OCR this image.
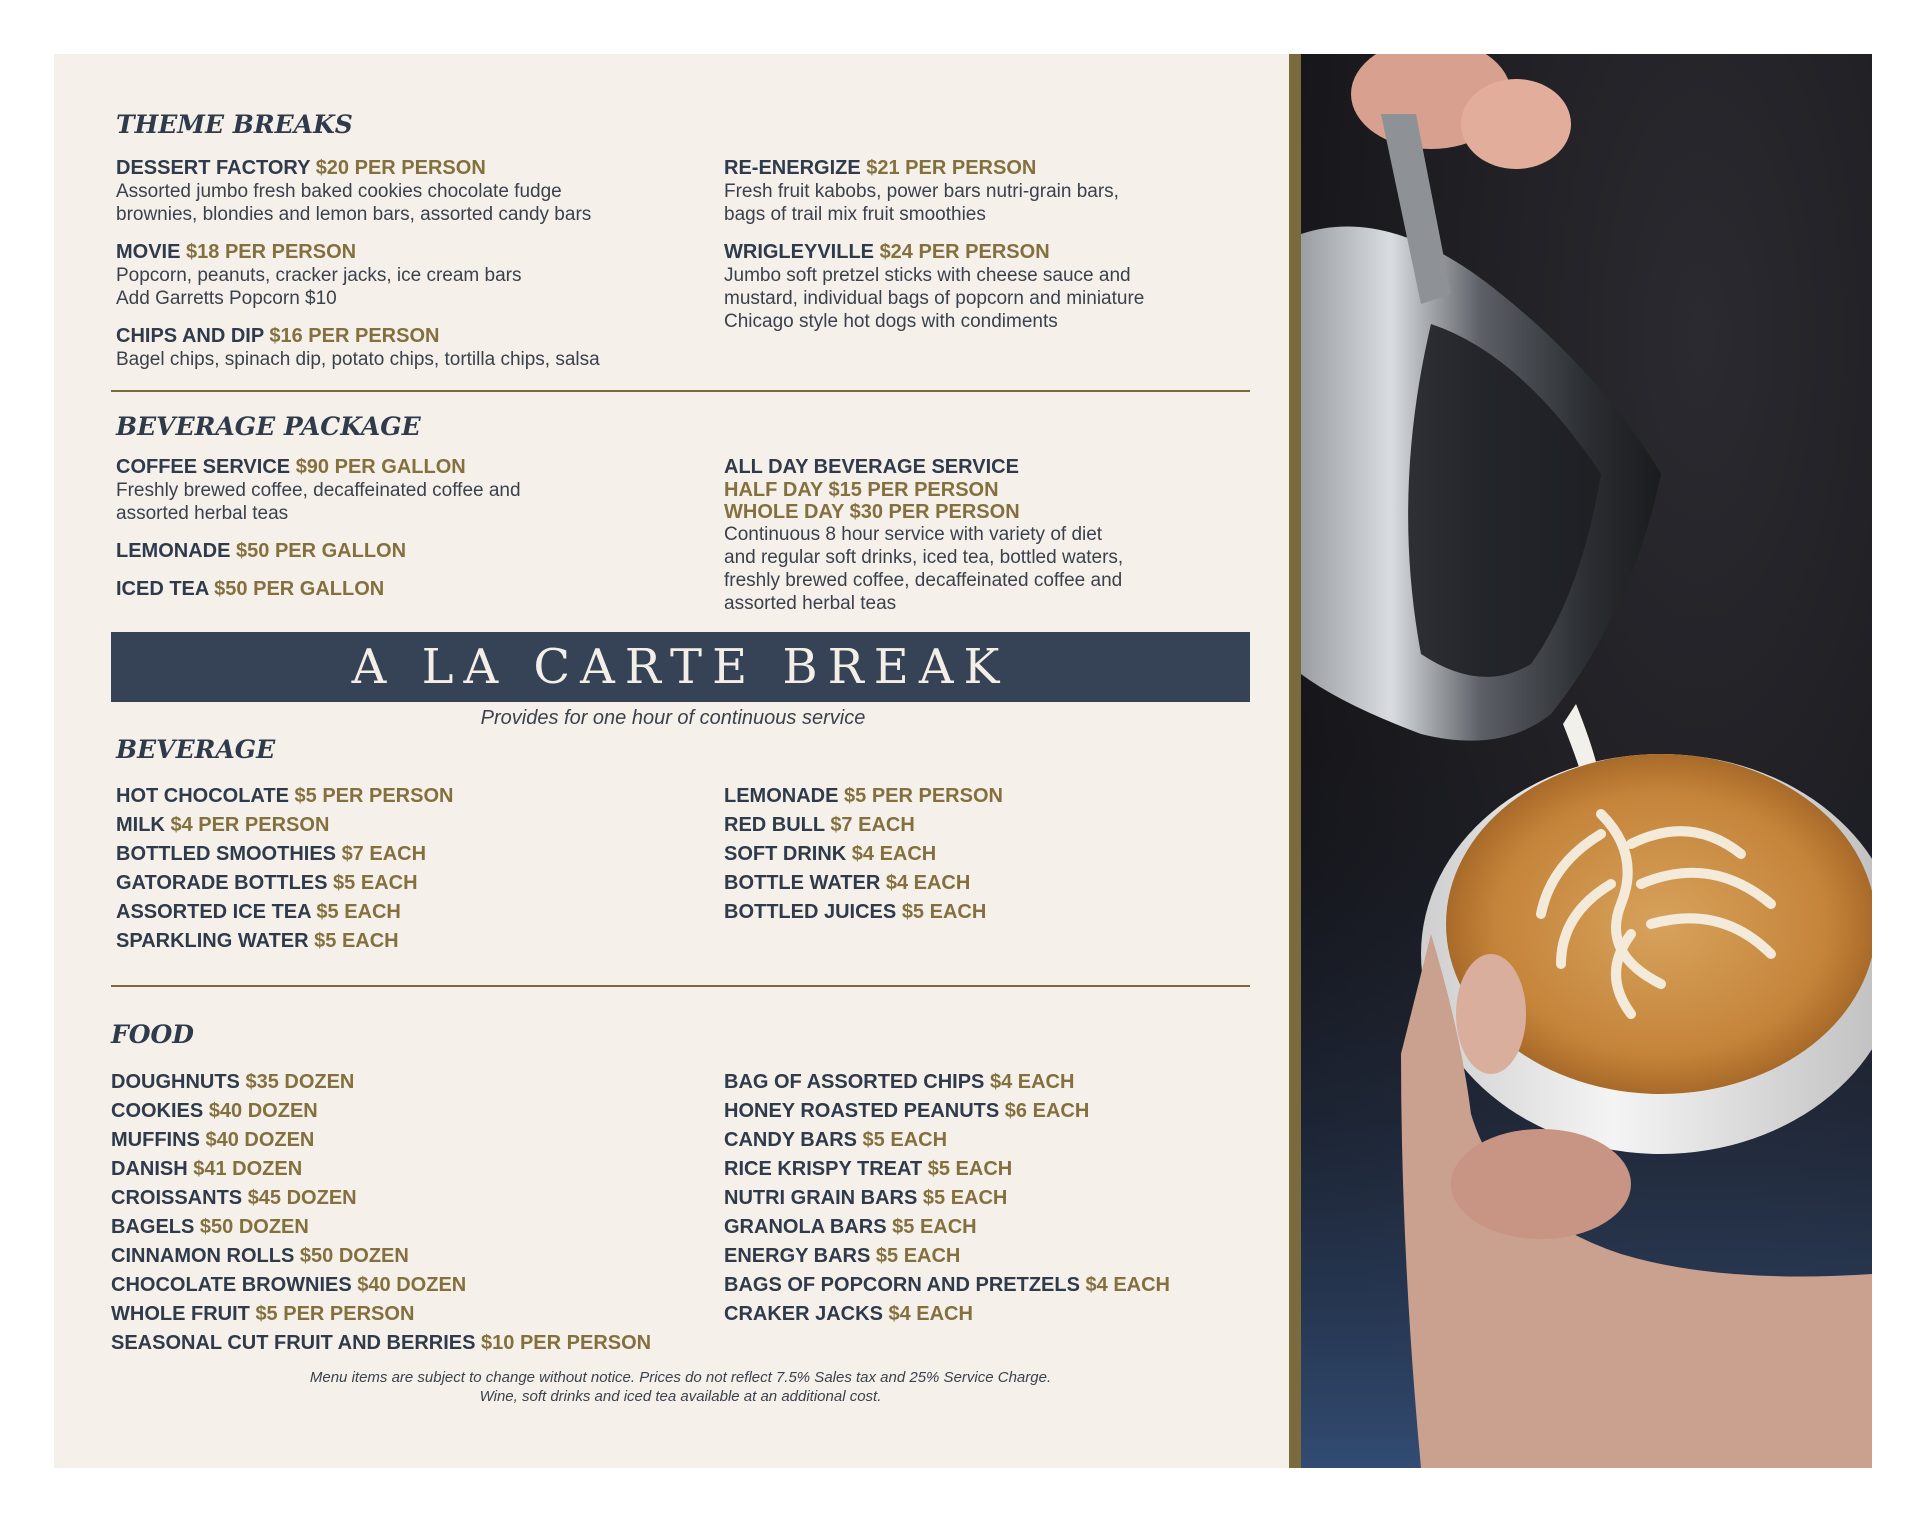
THEME BREAKS
DESSERT FACTORY $20 PER PERSON
Assorted jumbo fresh baked cookies chocolate fudge
brownies, blondies and lemon bars, assorted candy bars
MOVIE $18 PER PERSON
Popcorn, peanuts, cracker jacks, ice cream bars
Add Garretts Popcorn $10
CHIPS AND DIP $16 PER PERSON
Bagel chips, spinach dip, potato chips, tortilla chips, salsa
RE-ENERGIZE $21 PER PERSON
Fresh fruit kabobs, power bars nutri-grain bars,
bags of trail mix fruit smoothies
WRIGLEYVILLE $24 PER PERSON
Jumbo soft pretzel sticks with cheese sauce and
mustard, individual bags of popcorn and miniature
Chicago style hot dogs with condiments
BEVERAGE PACKAGE
COFFEE SERVICE $90 PER GALLON
Freshly brewed coffee, decaffeinated coffee and
assorted herbal teas
LEMONADE $50 PER GALLON
ICED TEA $50 PER GALLON
ALL DAY BEVERAGE SERVICE
HALF DAY $15 PER PERSON
WHOLE DAY $30 PER PERSON
Continuous 8 hour service with variety of diet
and regular soft drinks, iced tea, bottled waters,
freshly brewed coffee, decaffeinated coffee and
assorted herbal teas
A LA CARTE BREAK
Provides for one hour of continuous service
BEVERAGE
HOT CHOCOLATE $5 PER PERSON
MILK $4 PER PERSON
BOTTLED SMOOTHIES $7 EACH
GATORADE BOTTLES $5 EACH
ASSORTED ICE TEA $5 EACH
SPARKLING WATER $5 EACH
LEMONADE $5 PER PERSON
RED BULL $7 EACH
SOFT DRINK $4 EACH
BOTTLE WATER $4 EACH
BOTTLED JUICES $5 EACH
FOOD
DOUGHNUTS $35 DOZEN
COOKIES $40 DOZEN
MUFFINS $40 DOZEN
DANISH $41 DOZEN
CROISSANTS $45 DOZEN
BAGELS $50 DOZEN
CINNAMON ROLLS $50 DOZEN
CHOCOLATE BROWNIES $40 DOZEN
WHOLE FRUIT $5 PER PERSON
SEASONAL CUT FRUIT AND BERRIES $10 PER PERSON
BAG OF ASSORTED CHIPS $4 EACH
HONEY ROASTED PEANUTS $6 EACH
CANDY BARS $5 EACH
RICE KRISPY TREAT $5 EACH
NUTRI GRAIN BARS $5 EACH
GRANOLA BARS $5 EACH
ENERGY BARS $5 EACH
BAGS OF POPCORN AND PRETZELS $4 EACH
CRAKER JACKS $4 EACH
Menu items are subject to change without notice. Prices do not reflect 7.5% Sales tax and 25% Service Charge.
Wine, soft drinks and iced tea available at an additional cost.
